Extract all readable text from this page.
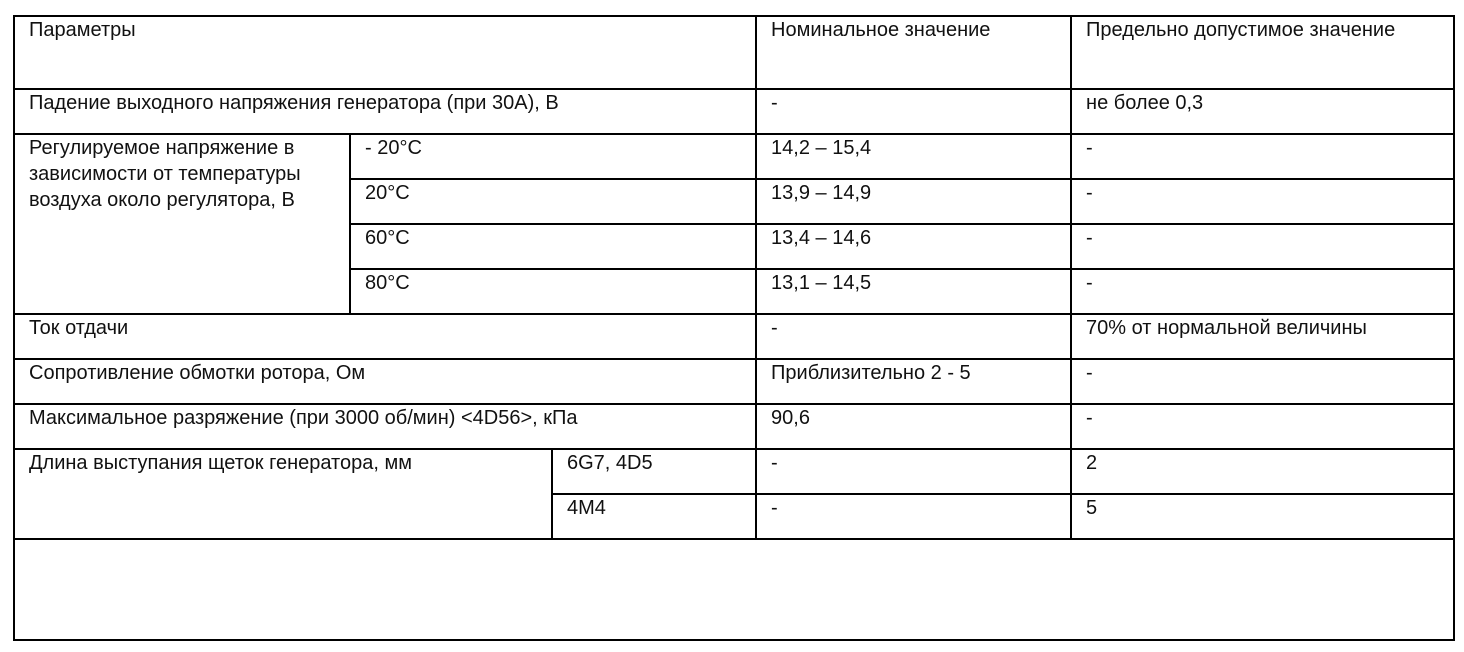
Параметры			Номинальное значение	Предельно допустимое значение
Падение выходного напряжения генератора (при 30А), В			-	не более 0,3
Регулируемое напряжение в зависимости от температуры воздуха около регулятора, В	- 20°С		14,2 – 15,4	-
	20°С		13,9 – 14,9	-
	60°С		13,4 – 14,6	-
	80°С		13,1 – 14,5	-
Ток отдачи			-	70% от нормальной величины
Сопротивление обмотки ротора, Ом			Приблизительно 2 - 5	-
Максимальное разряжение (при 3000 об/мин) <4D56>, кПа			90,6	-
Длина выступания щеток генератора, мм		6G7, 4D5	-	2
		4M4	-	5
